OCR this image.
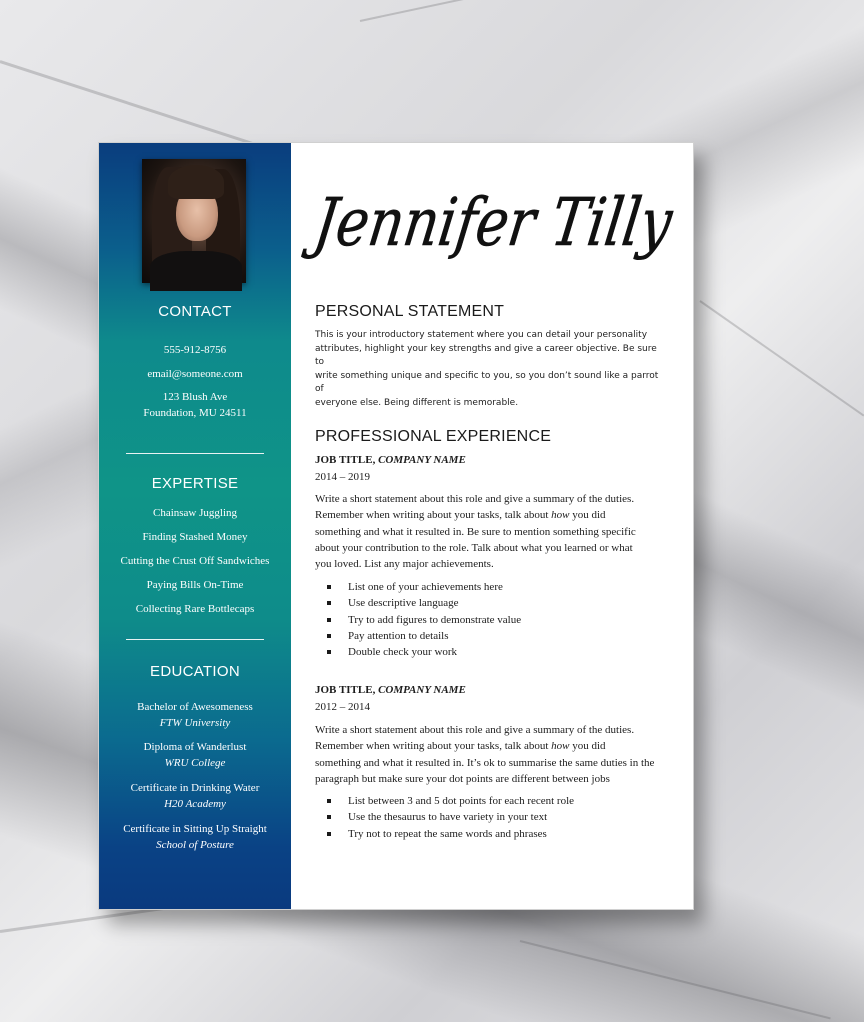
CONTACT
555-912-8756
email@someone.com
123 Blush Ave
Foundation, MU 24511
EXPERTISE
Chainsaw Juggling
Finding Stashed Money
Cutting the Crust Off Sandwiches
Paying Bills On-Time
Collecting Rare Bottlecaps
EDUCATION
Bachelor of Awesomeness
FTW University
Diploma of Wanderlust
WRU College
Certificate in Drinking Water
H20 Academy
Certificate in Sitting Up Straight
School of Posture
Jennifer Tilly
PERSONAL STATEMENT
This is your introductory statement where you can detail your personality
attributes, highlight your key strengths and give a career objective. Be sure to
write something unique and specific to you, so you don’t sound like a parrot of
everyone else. Being different is memorable.
PROFESSIONAL EXPERIENCE
JOB TITLE, COMPANY NAME
2014 – 2019
Write a short statement about this role and give a summary of the duties.
Remember when writing about your tasks, talk about how you did
something and what it resulted in. Be sure to mention something specific
about your contribution to the role. Talk about what you learned or what
you loved. List any major achievements.
List one of your achievements here
Use descriptive language
Try to add figures to demonstrate value
Pay attention to details
Double check your work
JOB TITLE, COMPANY NAME
2012 – 2014
Write a short statement about this role and give a summary of the duties.
Remember when writing about your tasks, talk about how you did
something and what it resulted in. It’s ok to summarise the same duties in the
paragraph but make sure your dot points are different between jobs
List between 3 and 5 dot points for each recent role
Use the thesaurus to have variety in your text
Try not to repeat the same words and phrases
